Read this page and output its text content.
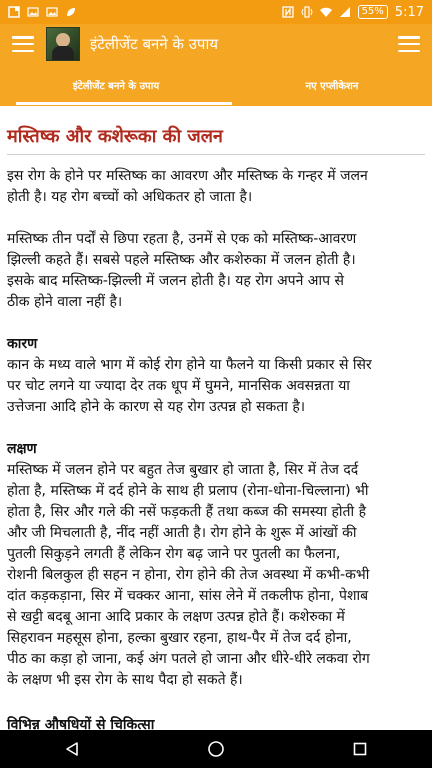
55% 5:17
इंटेलीजेंट बनने के उपाय
इंटेलीजेंट बनने के उपाय	नए एप्लीकेशन
मस्तिष्क और कशेरूका की जलन

इस रोग के होने पर मस्तिष्क का आवरण और मस्तिष्क के गन्हर में जलन
होती है। यह रोग बच्चों को अधिकतर हो जाता है।

मस्तिष्क तीन पर्दों से छिपा रहता है, उनमें से एक को मस्तिष्क-आवरण
झिल्ली कहते हैं। सबसे पहले मस्तिष्क और कशेरुका में जलन होती है।
इसके बाद मस्तिष्क-झिल्ली में जलन होती है। यह रोग अपने आप से
ठीक होने वाला नहीं है।

कारण

कान के मध्य वाले भाग में कोई रोग होने या फैलने या किसी प्रकार से सिर
पर चोट लगने या ज्यादा देर तक धूप में घुमने, मानसिक अवसन्नता या
उत्तेजना आदि होने के कारण से यह रोग उत्पन्न हो सकता है।

लक्षण

मस्तिष्क में जलन होने पर बहुत तेज बुखार हो जाता है, सिर में तेज दर्द
होता है, मस्तिष्क में दर्द होने के साथ ही प्रलाप (रोना-धोना-चिल्लाना) भी
होता है, सिर और गले की नसें फड़कती हैं तथा कब्ज की समस्या होती है
और जी मिचलाती है, नींद नहीं आती है। रोग होने के शुरू में आंखों की
पुतली सिकुड़ने लगती हैं लेकिन रोग बढ़ जाने पर पुतली का फैलना,
रोशनी बिलकुल ही सहन न होना, रोग होने की तेज अवस्था में कभी-कभी
दांत कड़कड़ाना, सिर में चक्कर आना, सांस लेने में तकलीफ होना, पेशाब
से खट्टी बदबू आना आदि प्रकार के लक्षण उत्पन्न होते हैं। कशेरुका में
सिहरावन महसूस होना, हल्का बुखार रहना, हाथ-पैर में तेज दर्द होना,
पीठ का कड़ा हो जाना, कई अंग पतले हो जाना और धीरे-धीरे लकवा रोग
के लक्षण भी इस रोग के साथ पैदा हो सकते हैं।

विभिन्न औषधियों से चिकित्सा
